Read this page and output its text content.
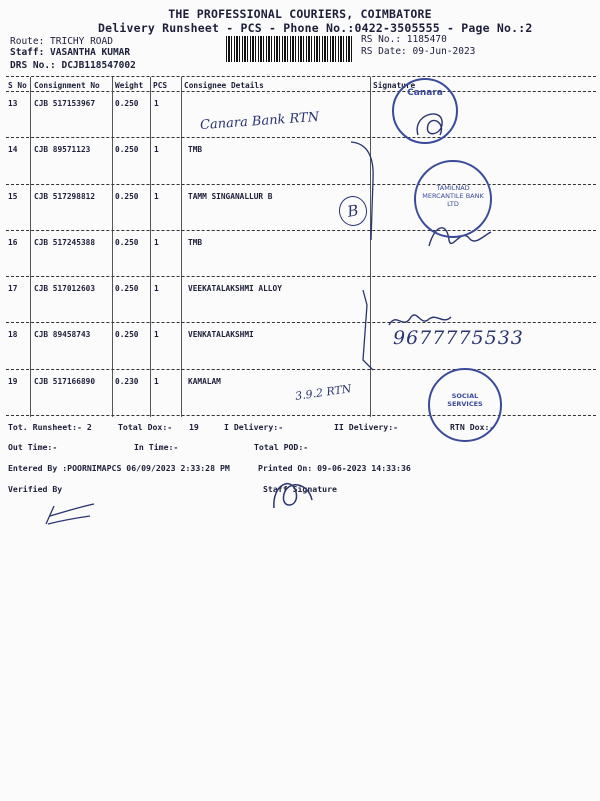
THE PROFESSIONAL COURIERS, COIMBATORE
Delivery Runsheet - PCS - Phone No.:0422-3505555 - Page No.:2
Route: TRICHY ROAD
Staff: VASANTHA KUMAR
DRS No.: DCJB118547002
RS No.: 1185470
RS Date: 09-Jun-2023
S No Consignment No Weight PCS Consignee Details	Signature
13 CJB 517153967	0.250 1
14 CJB 89571123	0.250 1	TMB
15 CJB 517298812	0.250 1	TAMM SINGANALLUR B
16 CJB 517245388	0.250 1	TMB
17 CJB 517012603	0.250 1	VEEKATALAKSHMI ALLOY
18 CJB 89458743	0.250 1	VENKATALAKSHMI
19 CJB 517166890	0.230 1	KAMALAM
Tot. Runsheet:- 2	Total Dox:- 19	I Delivery:-	II Delivery:-	RTN Dox:-
Out Time:-	In Time:-	Total POD:-
Entered By :POORNIMAPCS 06/09/2023 2:33:28 PM	Printed On: 09-06-2023 14:33:36
Verified By	Staff Signature
Canara Bank RTN
B
9677775533
3.9.2 RTN
Canara
TAMILNAD MERCANTILE BANK LTD
SOCIAL SERVICES
